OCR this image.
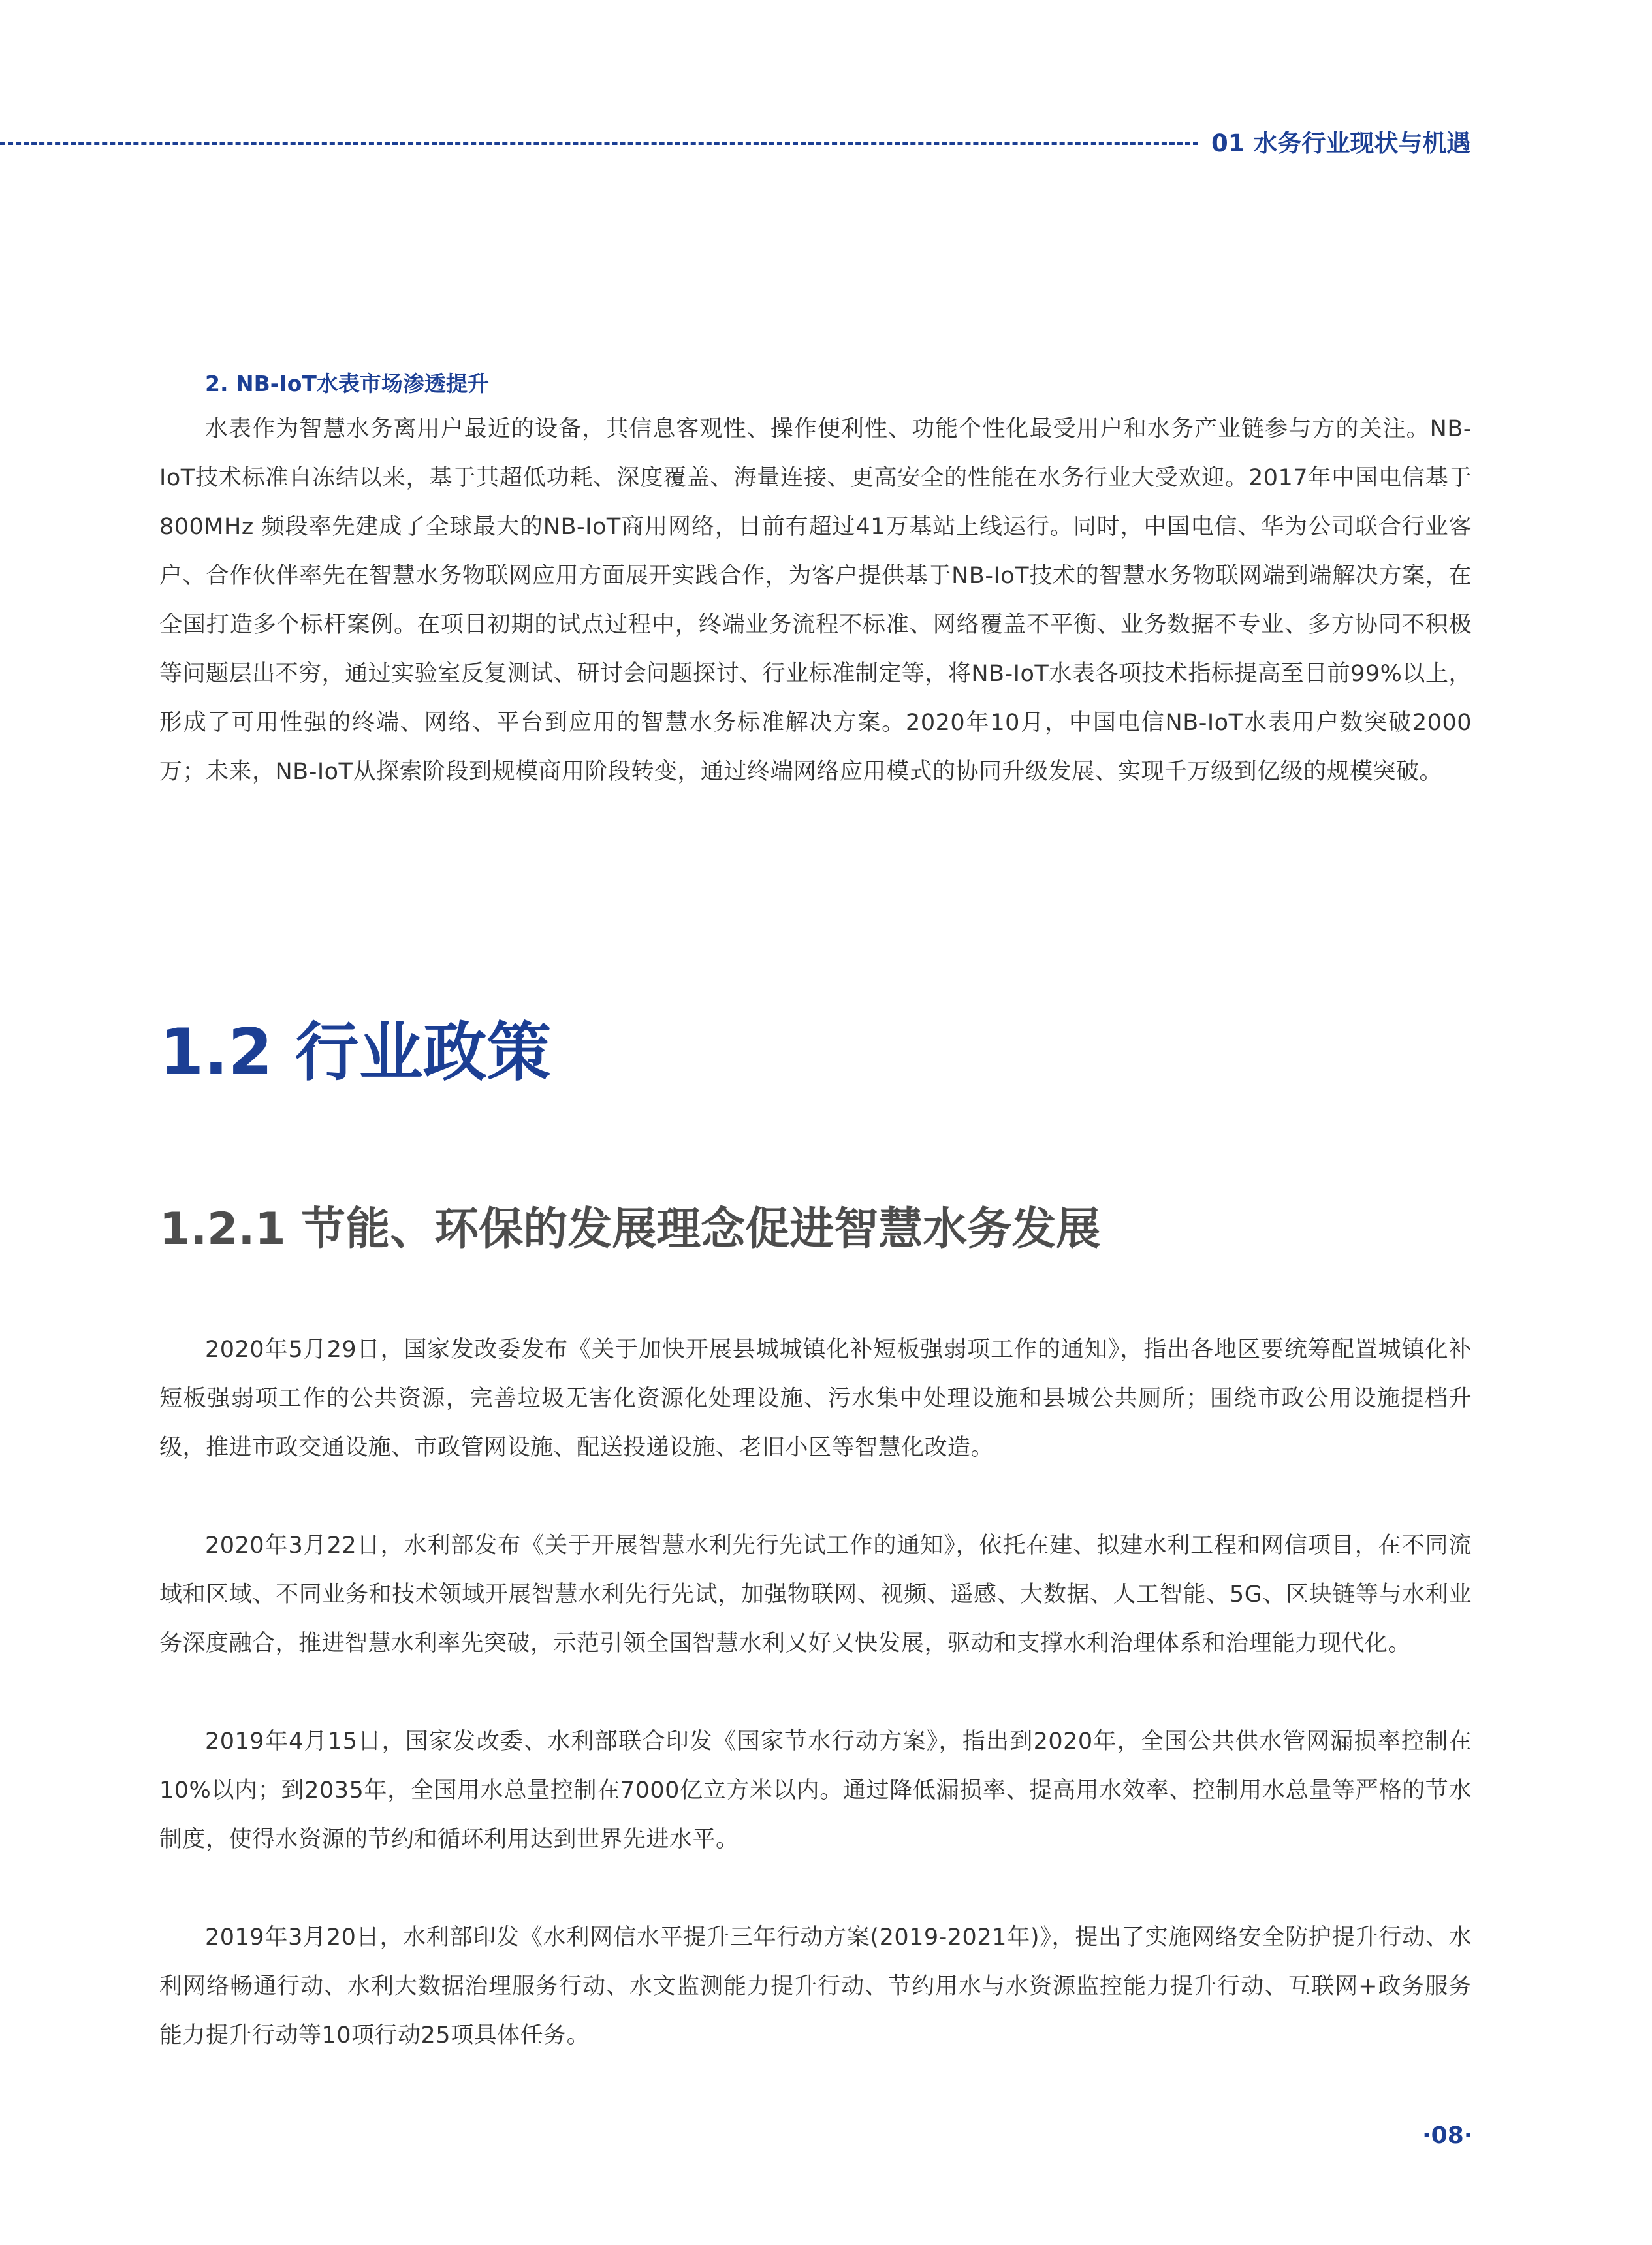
01 水务行业现状与机遇
2. NB-IoT水表市场渗透提升

水表作为智慧水务离用户最近的设备，其信息客观性、操作便利性、功能个性化最受用户和水务产业链参与方的关注。NB-IoT技术标准自冻结以来，基于其超低功耗、深度覆盖、海量连接、更高安全的性能在水务行业大受欢迎。2017年中国电信基于800MHz 频段率先建成了全球最大的NB-IoT商用网络，目前有超过41万基站上线运行。同时，中国电信、华为公司联合行业客户、合作伙伴率先在智慧水务物联网应用方面展开实践合作，为客户提供基于NB-IoT技术的智慧水务物联网端到端解决方案，在全国打造多个标杆案例。在项目初期的试点过程中，终端业务流程不标准、网络覆盖不平衡、业务数据不专业、多方协同不积极等问题层出不穷，通过实验室反复测试、研讨会问题探讨、行业标准制定等，将NB-IoT水表各项技术指标提高至目前99%以上，形成了可用性强的终端、网络、平台到应用的智慧水务标准解决方案。2020年10月，中国电信NB-IoT水表用户数突破2000万；未来，NB-IoT从探索阶段到规模商用阶段转变，通过终端网络应用模式的协同升级发展、实现千万级到亿级的规模突破。

1.2 行业政策
1.2.1 节能、环保的发展理念促进智慧水务发展

2020年5月29日，国家发改委发布《关于加快开展县城城镇化补短板强弱项工作的通知》，指出各地区要统筹配置城镇化补短板强弱项工作的公共资源，完善垃圾无害化资源化处理设施、污水集中处理设施和县城公共厕所；围绕市政公用设施提档升级，推进市政交通设施、市政管网设施、配送投递设施、老旧小区等智慧化改造。

2020年3月22日，水利部发布《关于开展智慧水利先行先试工作的通知》，依托在建、拟建水利工程和网信项目，在不同流域和区域、不同业务和技术领域开展智慧水利先行先试，加强物联网、视频、遥感、大数据、人工智能、5G、区块链等与水利业务深度融合，推进智慧水利率先突破，示范引领全国智慧水利又好又快发展，驱动和支撑水利治理体系和治理能力现代化。

2019年4月15日，国家发改委、水利部联合印发《国家节水行动方案》，指出到2020年，全国公共供水管网漏损率控制在10%以内；到2035年，全国用水总量控制在7000亿立方米以内。通过降低漏损率、提高用水效率、控制用水总量等严格的节水制度，使得水资源的节约和循环利用达到世界先进水平。

2019年3月20日，水利部印发《水利网信水平提升三年行动方案(2019-2021年)》，提出了实施网络安全防护提升行动、水利网络畅通行动、水利大数据治理服务行动、水文监测能力提升行动、节约用水与水资源监控能力提升行动、互联网+政务服务能力提升行动等10项行动25项具体任务。

·08·
